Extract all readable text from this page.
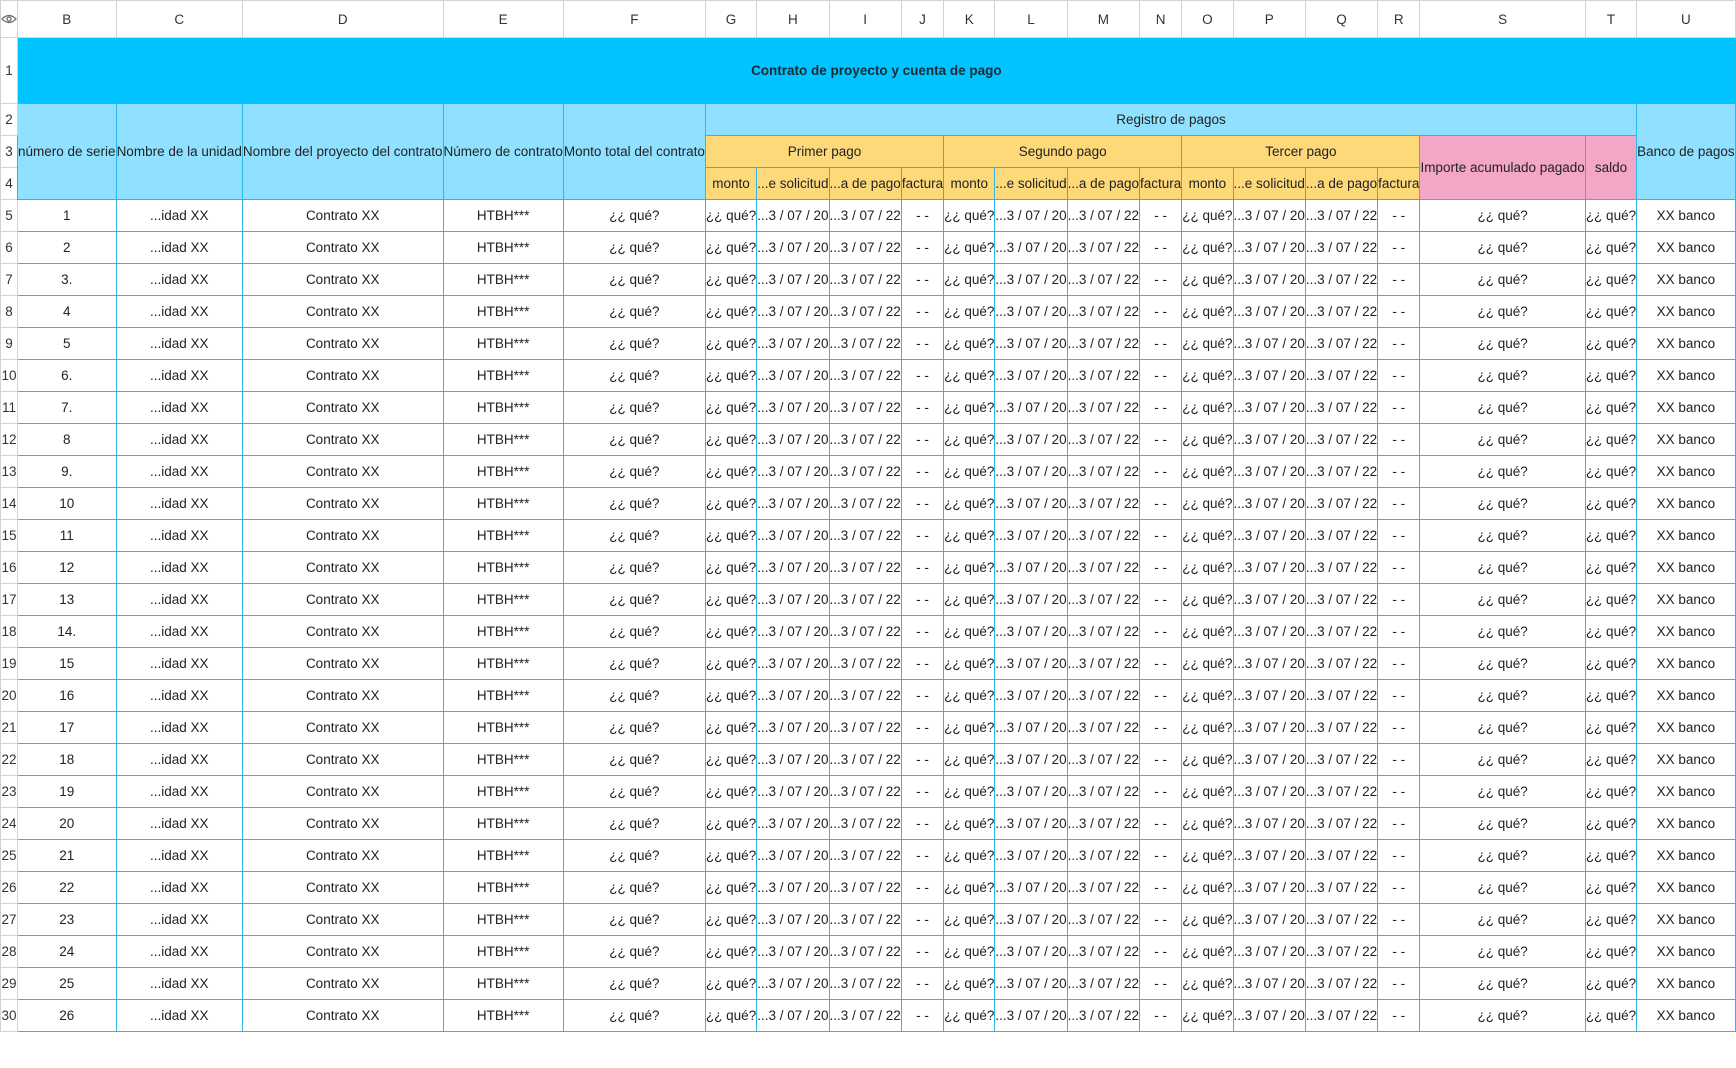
	B	C	D	E	F	G	H	I	J	K	L	M	N	O	P	Q	R	S	T	U
1	Contrato de proyecto y cuenta de pago																			
2	número de serie	Nombre de la unidad	Nombre del proyecto del contrato	Número de contrato	Monto total del contrato	Registro de pagos														Banco de pagos
3						Primer pago				Segundo pago				Tercer pago				Importe acumulado pagado	saldo	
4						monto	...e solicitud	...a de pago	factura	monto	...e solicitud	...a de pago	factura	monto	...e solicitud	...a de pago	factura			
5	1	...idad XX	Contrato XX	HTBH***	¿¿ qué?	¿¿ qué?	...3 / 07 / 20	...3 / 07 / 22	- -	¿¿ qué?	...3 / 07 / 20	...3 / 07 / 22	- -	¿¿ qué?	...3 / 07 / 20	...3 / 07 / 22	- -	¿¿ qué?	¿¿ qué?	XX banco
6	2	...idad XX	Contrato XX	HTBH***	¿¿ qué?	¿¿ qué?	...3 / 07 / 20	...3 / 07 / 22	- -	¿¿ qué?	...3 / 07 / 20	...3 / 07 / 22	- -	¿¿ qué?	...3 / 07 / 20	...3 / 07 / 22	- -	¿¿ qué?	¿¿ qué?	XX banco
7	3.	...idad XX	Contrato XX	HTBH***	¿¿ qué?	¿¿ qué?	...3 / 07 / 20	...3 / 07 / 22	- -	¿¿ qué?	...3 / 07 / 20	...3 / 07 / 22	- -	¿¿ qué?	...3 / 07 / 20	...3 / 07 / 22	- -	¿¿ qué?	¿¿ qué?	XX banco
8	4	...idad XX	Contrato XX	HTBH***	¿¿ qué?	¿¿ qué?	...3 / 07 / 20	...3 / 07 / 22	- -	¿¿ qué?	...3 / 07 / 20	...3 / 07 / 22	- -	¿¿ qué?	...3 / 07 / 20	...3 / 07 / 22	- -	¿¿ qué?	¿¿ qué?	XX banco
9	5	...idad XX	Contrato XX	HTBH***	¿¿ qué?	¿¿ qué?	...3 / 07 / 20	...3 / 07 / 22	- -	¿¿ qué?	...3 / 07 / 20	...3 / 07 / 22	- -	¿¿ qué?	...3 / 07 / 20	...3 / 07 / 22	- -	¿¿ qué?	¿¿ qué?	XX banco
10	6.	...idad XX	Contrato XX	HTBH***	¿¿ qué?	¿¿ qué?	...3 / 07 / 20	...3 / 07 / 22	- -	¿¿ qué?	...3 / 07 / 20	...3 / 07 / 22	- -	¿¿ qué?	...3 / 07 / 20	...3 / 07 / 22	- -	¿¿ qué?	¿¿ qué?	XX banco
11	7.	...idad XX	Contrato XX	HTBH***	¿¿ qué?	¿¿ qué?	...3 / 07 / 20	...3 / 07 / 22	- -	¿¿ qué?	...3 / 07 / 20	...3 / 07 / 22	- -	¿¿ qué?	...3 / 07 / 20	...3 / 07 / 22	- -	¿¿ qué?	¿¿ qué?	XX banco
12	8	...idad XX	Contrato XX	HTBH***	¿¿ qué?	¿¿ qué?	...3 / 07 / 20	...3 / 07 / 22	- -	¿¿ qué?	...3 / 07 / 20	...3 / 07 / 22	- -	¿¿ qué?	...3 / 07 / 20	...3 / 07 / 22	- -	¿¿ qué?	¿¿ qué?	XX banco
13	9.	...idad XX	Contrato XX	HTBH***	¿¿ qué?	¿¿ qué?	...3 / 07 / 20	...3 / 07 / 22	- -	¿¿ qué?	...3 / 07 / 20	...3 / 07 / 22	- -	¿¿ qué?	...3 / 07 / 20	...3 / 07 / 22	- -	¿¿ qué?	¿¿ qué?	XX banco
14	10	...idad XX	Contrato XX	HTBH***	¿¿ qué?	¿¿ qué?	...3 / 07 / 20	...3 / 07 / 22	- -	¿¿ qué?	...3 / 07 / 20	...3 / 07 / 22	- -	¿¿ qué?	...3 / 07 / 20	...3 / 07 / 22	- -	¿¿ qué?	¿¿ qué?	XX banco
15	11	...idad XX	Contrato XX	HTBH***	¿¿ qué?	¿¿ qué?	...3 / 07 / 20	...3 / 07 / 22	- -	¿¿ qué?	...3 / 07 / 20	...3 / 07 / 22	- -	¿¿ qué?	...3 / 07 / 20	...3 / 07 / 22	- -	¿¿ qué?	¿¿ qué?	XX banco
16	12	...idad XX	Contrato XX	HTBH***	¿¿ qué?	¿¿ qué?	...3 / 07 / 20	...3 / 07 / 22	- -	¿¿ qué?	...3 / 07 / 20	...3 / 07 / 22	- -	¿¿ qué?	...3 / 07 / 20	...3 / 07 / 22	- -	¿¿ qué?	¿¿ qué?	XX banco
17	13	...idad XX	Contrato XX	HTBH***	¿¿ qué?	¿¿ qué?	...3 / 07 / 20	...3 / 07 / 22	- -	¿¿ qué?	...3 / 07 / 20	...3 / 07 / 22	- -	¿¿ qué?	...3 / 07 / 20	...3 / 07 / 22	- -	¿¿ qué?	¿¿ qué?	XX banco
18	14.	...idad XX	Contrato XX	HTBH***	¿¿ qué?	¿¿ qué?	...3 / 07 / 20	...3 / 07 / 22	- -	¿¿ qué?	...3 / 07 / 20	...3 / 07 / 22	- -	¿¿ qué?	...3 / 07 / 20	...3 / 07 / 22	- -	¿¿ qué?	¿¿ qué?	XX banco
19	15	...idad XX	Contrato XX	HTBH***	¿¿ qué?	¿¿ qué?	...3 / 07 / 20	...3 / 07 / 22	- -	¿¿ qué?	...3 / 07 / 20	...3 / 07 / 22	- -	¿¿ qué?	...3 / 07 / 20	...3 / 07 / 22	- -	¿¿ qué?	¿¿ qué?	XX banco
20	16	...idad XX	Contrato XX	HTBH***	¿¿ qué?	¿¿ qué?	...3 / 07 / 20	...3 / 07 / 22	- -	¿¿ qué?	...3 / 07 / 20	...3 / 07 / 22	- -	¿¿ qué?	...3 / 07 / 20	...3 / 07 / 22	- -	¿¿ qué?	¿¿ qué?	XX banco
21	17	...idad XX	Contrato XX	HTBH***	¿¿ qué?	¿¿ qué?	...3 / 07 / 20	...3 / 07 / 22	- -	¿¿ qué?	...3 / 07 / 20	...3 / 07 / 22	- -	¿¿ qué?	...3 / 07 / 20	...3 / 07 / 22	- -	¿¿ qué?	¿¿ qué?	XX banco
22	18	...idad XX	Contrato XX	HTBH***	¿¿ qué?	¿¿ qué?	...3 / 07 / 20	...3 / 07 / 22	- -	¿¿ qué?	...3 / 07 / 20	...3 / 07 / 22	- -	¿¿ qué?	...3 / 07 / 20	...3 / 07 / 22	- -	¿¿ qué?	¿¿ qué?	XX banco
23	19	...idad XX	Contrato XX	HTBH***	¿¿ qué?	¿¿ qué?	...3 / 07 / 20	...3 / 07 / 22	- -	¿¿ qué?	...3 / 07 / 20	...3 / 07 / 22	- -	¿¿ qué?	...3 / 07 / 20	...3 / 07 / 22	- -	¿¿ qué?	¿¿ qué?	XX banco
24	20	...idad XX	Contrato XX	HTBH***	¿¿ qué?	¿¿ qué?	...3 / 07 / 20	...3 / 07 / 22	- -	¿¿ qué?	...3 / 07 / 20	...3 / 07 / 22	- -	¿¿ qué?	...3 / 07 / 20	...3 / 07 / 22	- -	¿¿ qué?	¿¿ qué?	XX banco
25	21	...idad XX	Contrato XX	HTBH***	¿¿ qué?	¿¿ qué?	...3 / 07 / 20	...3 / 07 / 22	- -	¿¿ qué?	...3 / 07 / 20	...3 / 07 / 22	- -	¿¿ qué?	...3 / 07 / 20	...3 / 07 / 22	- -	¿¿ qué?	¿¿ qué?	XX banco
26	22	...idad XX	Contrato XX	HTBH***	¿¿ qué?	¿¿ qué?	...3 / 07 / 20	...3 / 07 / 22	- -	¿¿ qué?	...3 / 07 / 20	...3 / 07 / 22	- -	¿¿ qué?	...3 / 07 / 20	...3 / 07 / 22	- -	¿¿ qué?	¿¿ qué?	XX banco
27	23	...idad XX	Contrato XX	HTBH***	¿¿ qué?	¿¿ qué?	...3 / 07 / 20	...3 / 07 / 22	- -	¿¿ qué?	...3 / 07 / 20	...3 / 07 / 22	- -	¿¿ qué?	...3 / 07 / 20	...3 / 07 / 22	- -	¿¿ qué?	¿¿ qué?	XX banco
28	24	...idad XX	Contrato XX	HTBH***	¿¿ qué?	¿¿ qué?	...3 / 07 / 20	...3 / 07 / 22	- -	¿¿ qué?	...3 / 07 / 20	...3 / 07 / 22	- -	¿¿ qué?	...3 / 07 / 20	...3 / 07 / 22	- -	¿¿ qué?	¿¿ qué?	XX banco
29	25	...idad XX	Contrato XX	HTBH***	¿¿ qué?	¿¿ qué?	...3 / 07 / 20	...3 / 07 / 22	- -	¿¿ qué?	...3 / 07 / 20	...3 / 07 / 22	- -	¿¿ qué?	...3 / 07 / 20	...3 / 07 / 22	- -	¿¿ qué?	¿¿ qué?	XX banco
30	26	...idad XX	Contrato XX	HTBH***	¿¿ qué?	¿¿ qué?	...3 / 07 / 20	...3 / 07 / 22	- -	¿¿ qué?	...3 / 07 / 20	...3 / 07 / 22	- -	¿¿ qué?	...3 / 07 / 20	...3 / 07 / 22	- -	¿¿ qué?	¿¿ qué?	XX banco
